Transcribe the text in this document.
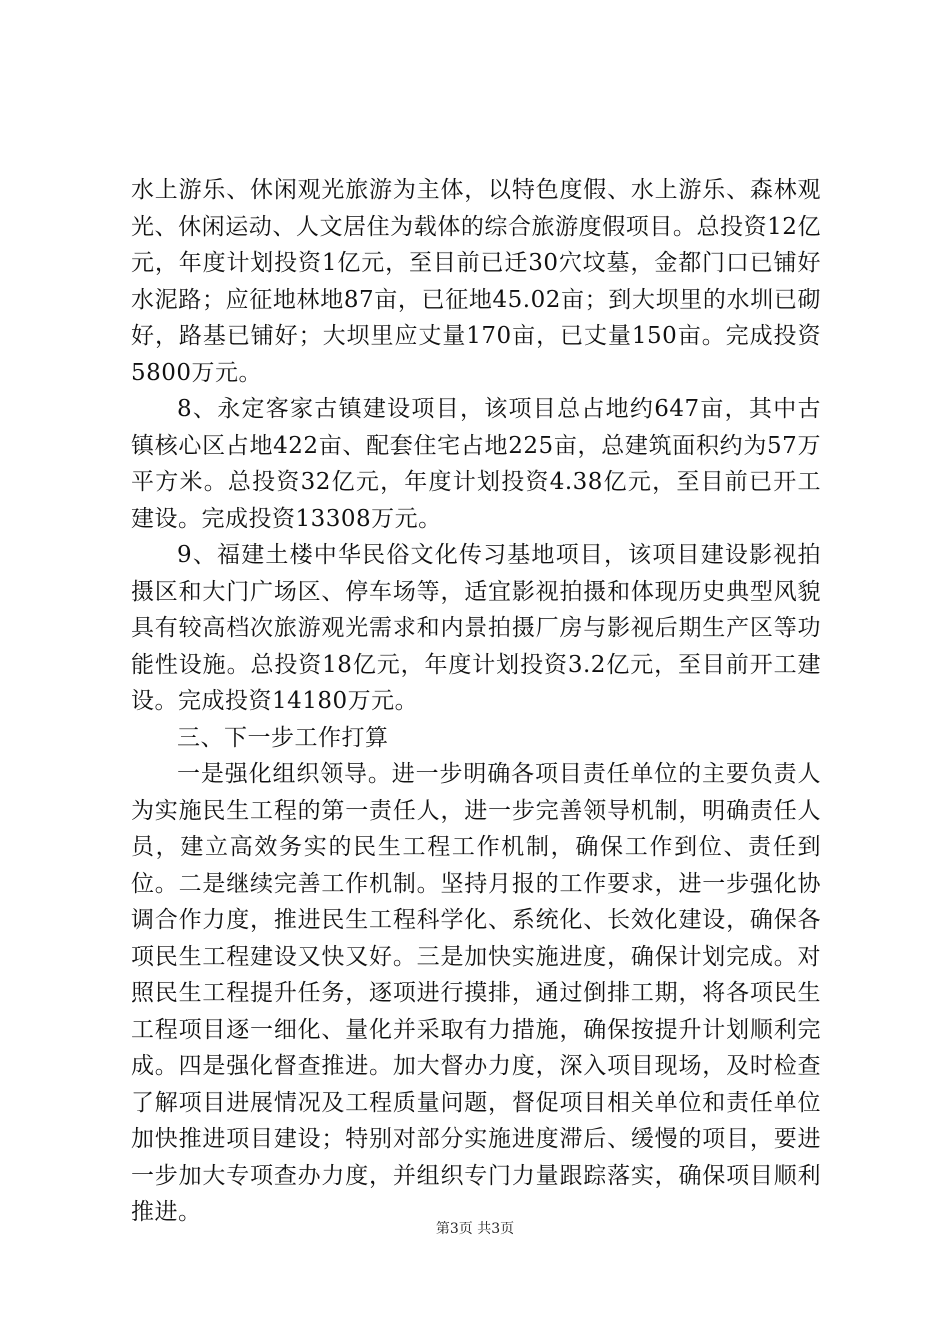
水上游乐、休闲观光旅游为主体，以特色度假、水上游乐、森林观光、休闲运动、人文居住为载体的综合旅游度假项目。总投资12亿元，年度计划投资1亿元，至目前已迁30穴坟墓，金都门口已铺好水泥路；应征地林地87亩，已征地45.02亩；到大坝里的水圳已砌好，路基已铺好；大坝里应丈量170亩，已丈量150亩。完成投资5800万元。

8、永定客家古镇建设项目，该项目总占地约647亩，其中古镇核心区占地422亩、配套住宅占地225亩，总建筑面积约为57万平方米。总投资32亿元，年度计划投资4.38亿元，至目前已开工建设。完成投资13308万元。

9、福建土楼中华民俗文化传习基地项目，该项目建设影视拍摄区和大门广场区、停车场等，适宜影视拍摄和体现历史典型风貌具有较高档次旅游观光需求和内景拍摄厂房与影视后期生产区等功能性设施。总投资18亿元，年度计划投资3.2亿元，至目前开工建设。完成投资14180万元。

三、下一步工作打算

一是强化组织领导。进一步明确各项目责任单位的主要负责人为实施民生工程的第一责任人，进一步完善领导机制，明确责任人员，建立高效务实的民生工程工作机制，确保工作到位、责任到位。二是继续完善工作机制。坚持月报的工作要求，进一步强化协调合作力度，推进民生工程科学化、系统化、长效化建设，确保各项民生工程建设又快又好。三是加快实施进度，确保计划完成。对照民生工程提升任务，逐项进行摸排，通过倒排工期，将各项民生工程项目逐一细化、量化并采取有力措施，确保按提升计划顺利完成。四是强化督查推进。加大督办力度，深入项目现场，及时检查了解项目进展情况及工程质量问题，督促项目相关单位和责任单位加快推进项目建设；特别对部分实施进度滞后、缓慢的项目，要进一步加大专项查办力度，并组织专门力量跟踪落实，确保项目顺利推进。

第3页 共3页
